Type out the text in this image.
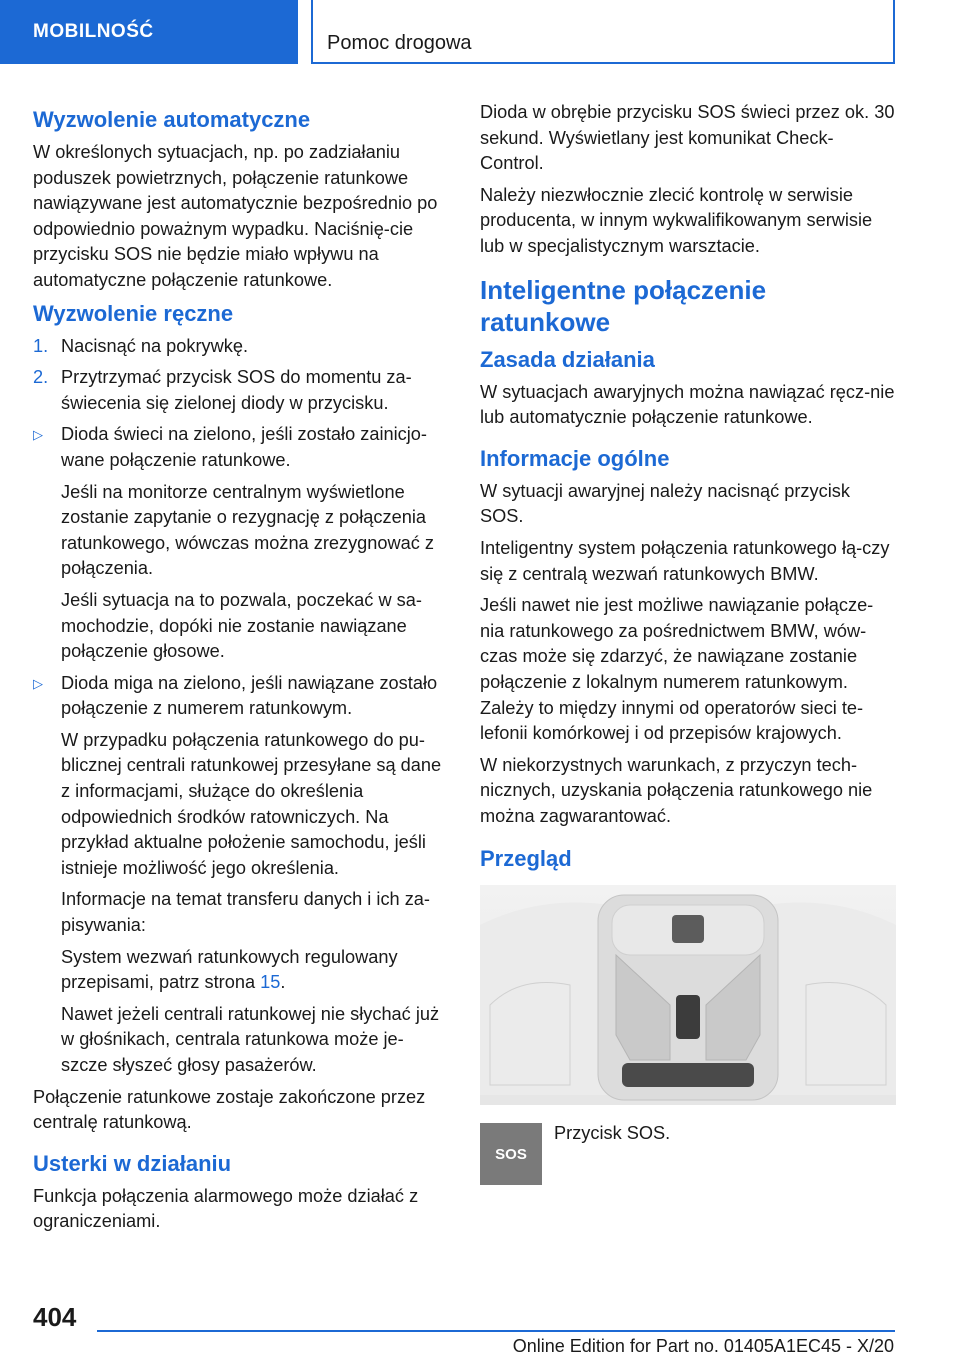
MOBILNOŚĆ
Pomoc drogowa
Wyzwolenie automatyczne

W określonych sytuacjach, np. po zadziałaniu poduszek powietrznych, połączenie ratunkowe nawiązywane jest automatycznie bezpośrednio po odpowiednio poważnym wypadku. Naciśnię‐cie przycisku SOS nie będzie miało wpływu na automatyczne połączenie ratunkowe.

Wyzwolenie ręczne
1. Nacisnąć na pokrywkę.
2. Przytrzymać przycisk SOS do momentu za‐świecenia się zielonej diody w przycisku.
▷ Dioda świeci na zielono, jeśli zostało zainicjo‐wane połączenie ratunkowe.

Jeśli na monitorze centralnym wyświetlone zostanie zapytanie o rezygnację z połączenia ratunkowego, wówczas można zrezygnować z połączenia.

Jeśli sytuacja na to pozwala, poczekać w sa‐mochodzie, dopóki nie zostanie nawiązane połączenie głosowe.

▷ Dioda miga na zielono, jeśli nawiązane zostało połączenie z numerem ratunkowym.

W przypadku połączenia ratunkowego do pu‐blicznej centrali ratunkowej przesyłane są dane z informacjami, służące do określenia odpowiednich środków ratowniczych. Na przykład aktualne położenie samochodu, jeśli istnieje możliwość jego określenia.

Informacje na temat transferu danych i ich za‐pisywania:

System wezwań ratunkowych regulowany przepisami, patrz strona 15.

Nawet jeżeli centrali ratunkowej nie słychać już w głośnikach, centrala ratunkowa może je‐szcze słyszeć głosy pasażerów.

Połączenie ratunkowe zostaje zakończone przez centralę ratunkową.

Usterki w działaniu

Funkcja połączenia alarmowego może działać z ograniczeniami.

Dioda w obrębie przycisku SOS świeci przez ok. 30 sekund. Wyświetlany jest komunikat Check-Control.

Należy niezwłocznie zlecić kontrolę w serwisie producenta, w innym wykwalifikowanym serwisie lub w specjalistycznym warsztacie.

Inteligentne połączenie ratunkowe
Zasada działania

W sytuacjach awaryjnych można nawiązać ręcz‐nie lub automatycznie połączenie ratunkowe.

Informacje ogólne

W sytuacji awaryjnej należy nacisnąć przycisk SOS.

Inteligentny system połączenia ratunkowego łą‐czy się z centralą wezwań ratunkowych BMW.

Jeśli nawet nie jest możliwe nawiązanie połącze‐nia ratunkowego za pośrednictwem BMW, wów‐czas może się zdarzyć, że nawiązane zostanie połączenie z lokalnym numerem ratunkowym. Zależy to między innymi od operatorów sieci te‐lefonii komórkowej i od przepisów krajowych.

W niekorzystnych warunkach, z przyczyn tech‐nicznych, uzyskania połączenia ratunkowego nie można zagwarantować.

Przegląd
SOS
Przycisk SOS.
404
Online Edition for Part no. 01405A1EC45 - X/20
